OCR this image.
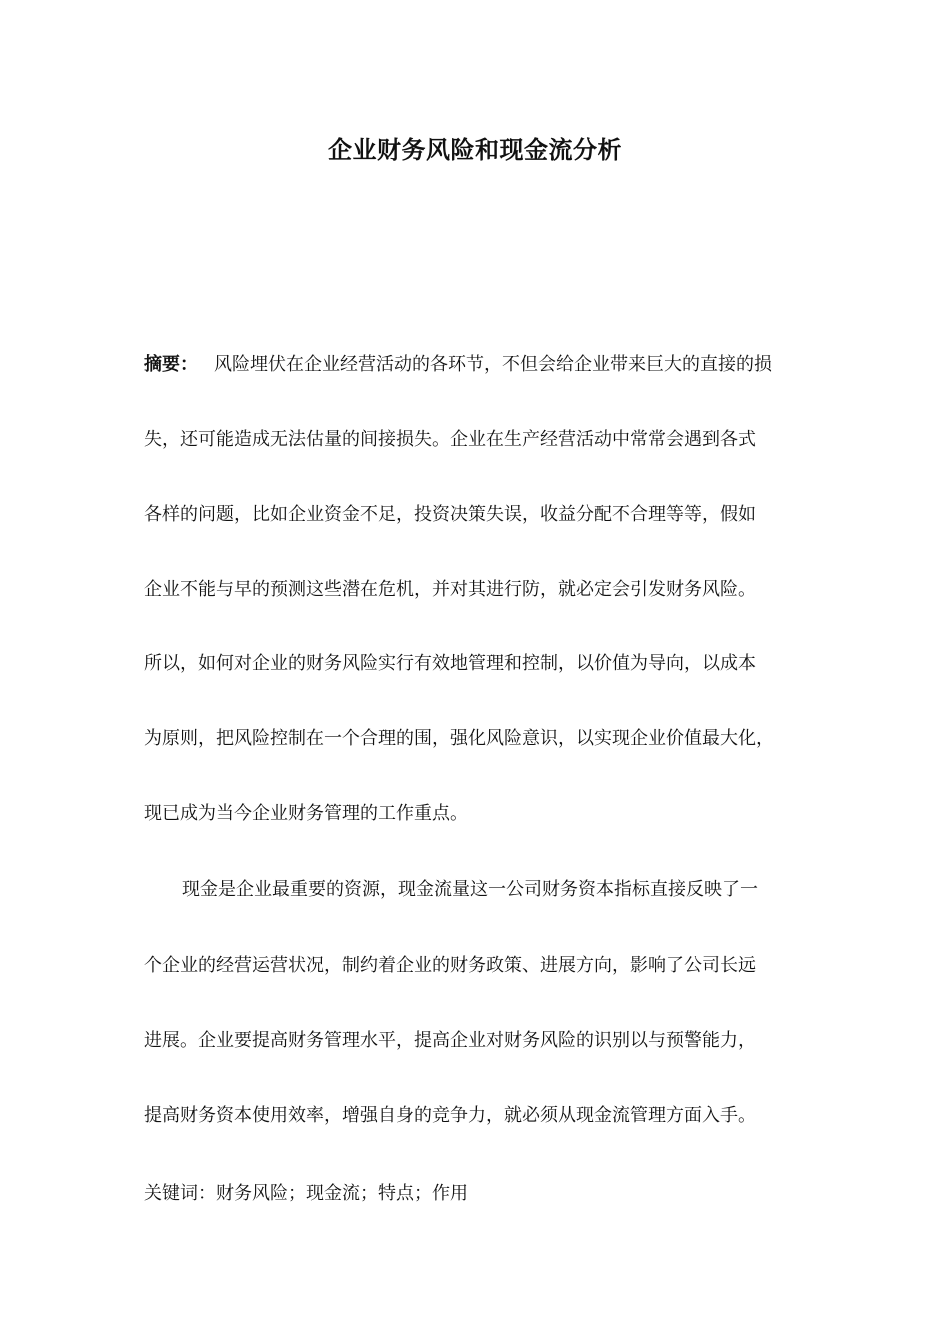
企业财务风险和现金流分析
摘要： 风险埋伏在企业经营活动的各环节，不但会给企业带来巨大的直接的损
失，还可能造成无法估量的间接损失。企业在生产经营活动中常常会遇到各式
各样的问题，比如企业资金不足，投资决策失误，收益分配不合理等等，假如
企业不能与早的预测这些潜在危机，并对其进行防，就必定会引发财务风险。
所以，如何对企业的财务风险实行有效地管理和控制，以价值为导向，以成本
为原则，把风险控制在一个合理的围，强化风险意识，以实现企业价值最大化，
现已成为当今企业财务管理的工作重点。
现金是企业最重要的资源，现金流量这一公司财务资本指标直接反映了一
个企业的经营运营状况，制约着企业的财务政策、进展方向，影响了公司长远
进展。企业要提高财务管理水平，提高企业对财务风险的识别以与预警能力，
提高财务资本使用效率，增强自身的竞争力，就必须从现金流管理方面入手。
关键词：财务风险；现金流；特点；作用
